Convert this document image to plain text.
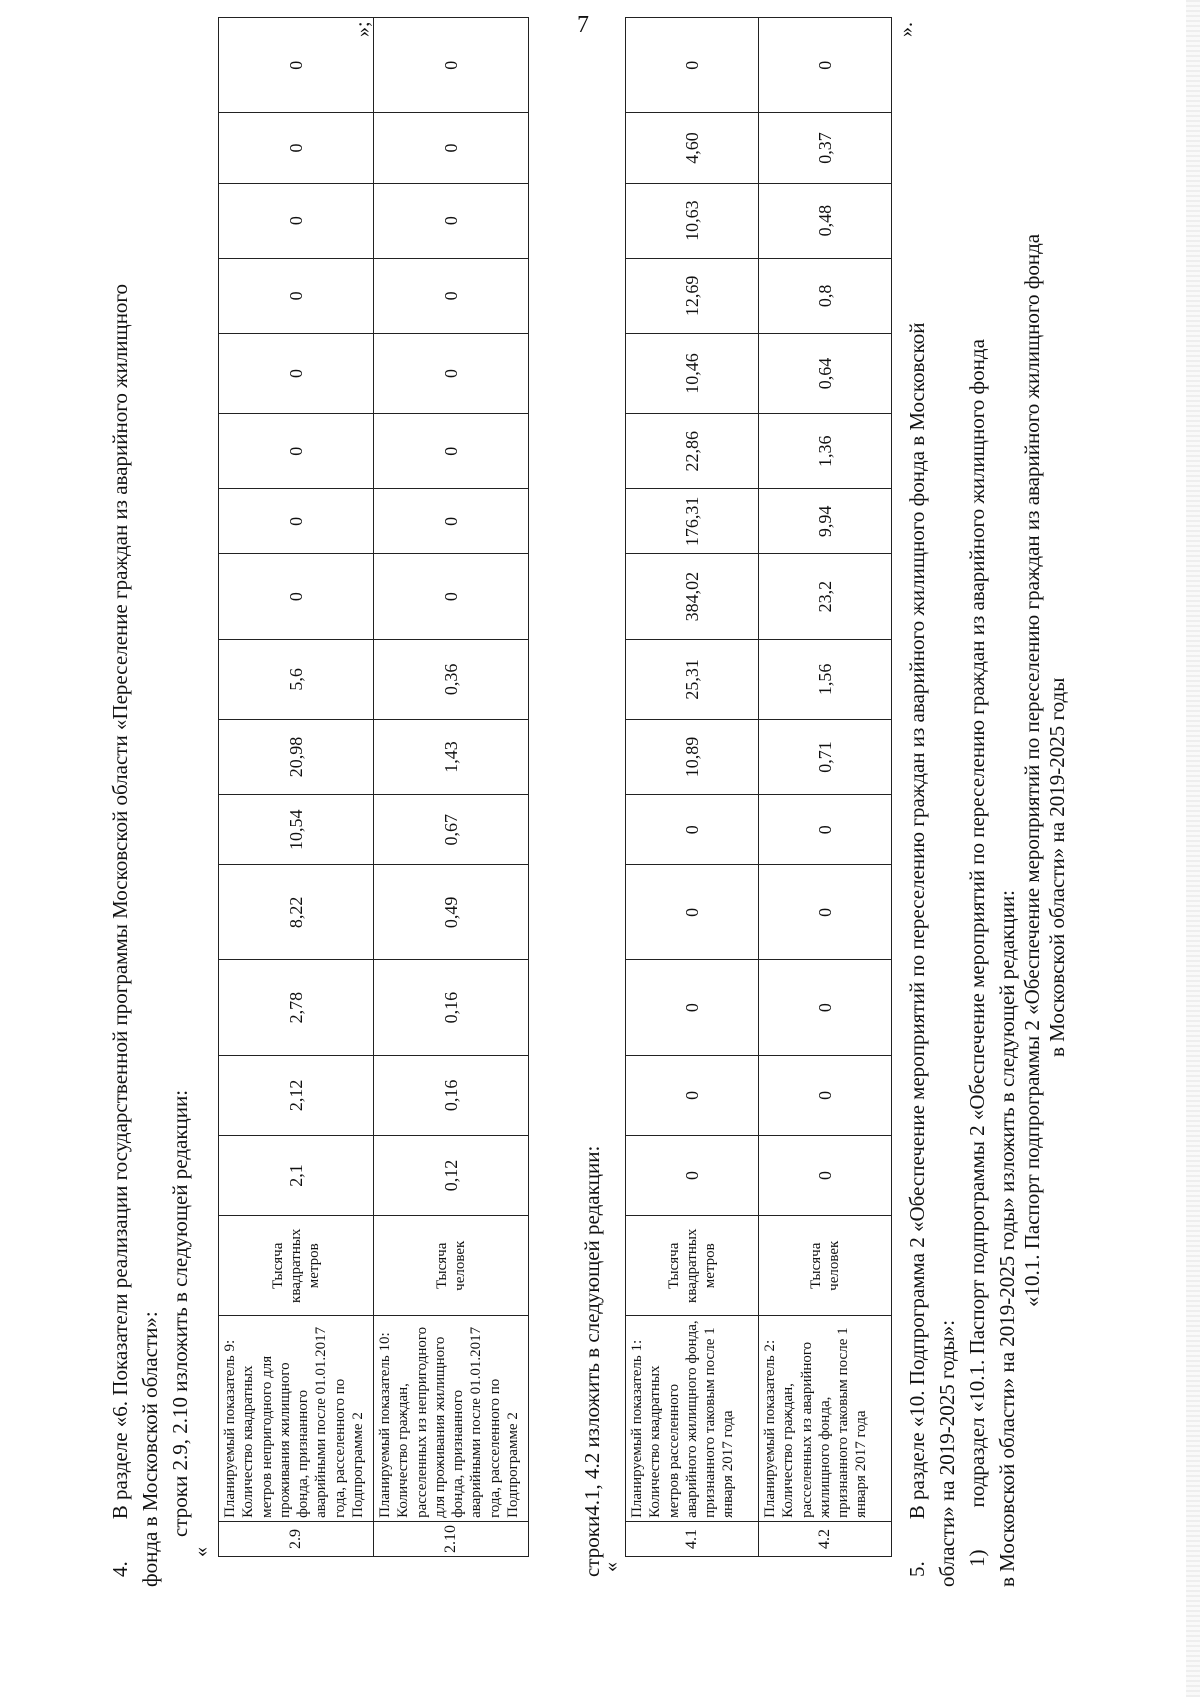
7
4.  В разделе «6. Показатели реализации государственной программы Московской области «Переселение граждан из аварийного жилищного фонда в Московской области»: строки 2.9, 2.10 изложить в следующей редакции:
«
2.9	Планируемый показатель 9: Количество квадратных метров непригодного для проживания жилищного фонда, признанного аварийными после 01.01.2017 года, расселенного по Подпрограмме 2	Тысяча квадратных метров	2,1	2,12	2,78	8,22	10,54	20,98	5,6	0	0	0	0	0	0	0	0
2.10	Планируемый показатель 10: Количество граждан, расселенных из непригодного для проживания жилищного фонда, признанного аварийными после 01.01.2017 года, расселенного по Подпрограмме 2	Тысяча человек	0,12	0,16	0,16	0,49	0,67	1,43	0,36	0	0	0	0	0	0	0	0
»;
строки4.1, 4.2 изложить в следующей редакции:
«
4.1	Планируемый показатель 1: Количество квадратных метров расселенного аварийного жилищного фонда, признанного таковым после 1 января 2017 года	Тысяча квадратных метров	0	0	0	0	0	10,89	25,31	384,02	176,31	22,86	10,46	12,69	10,63	4,60	0
4.2	Планируемый показатель 2: Количество граждан, расселенных из аварийного жилищного фонда, признанного таковым после 1 января 2017 года	Тысяча человек	0	0	0	0	0	0,71	1,56	23,2	9,94	1,36	0,64	0,8	0,48	0,37	0
».
5.  В разделе «10. Подпрограмма 2 «Обеспечение мероприятий по переселению граждан из аварийного жилищного фонда в Московской области» на 2019-2025 годы»: 1)  подраздел «10.1. Паспорт подпрограммы 2 «Обеспечение мероприятий по переселению граждан из аварийного жилищного фонда в Московской области» на 2019-2025 годы» изложить в следующей редакции: «10.1. Паспорт подпрограммы 2 «Обеспечение мероприятий по переселению граждан из аварийного жилищного фонда в Московской области» на 2019-2025 годы
